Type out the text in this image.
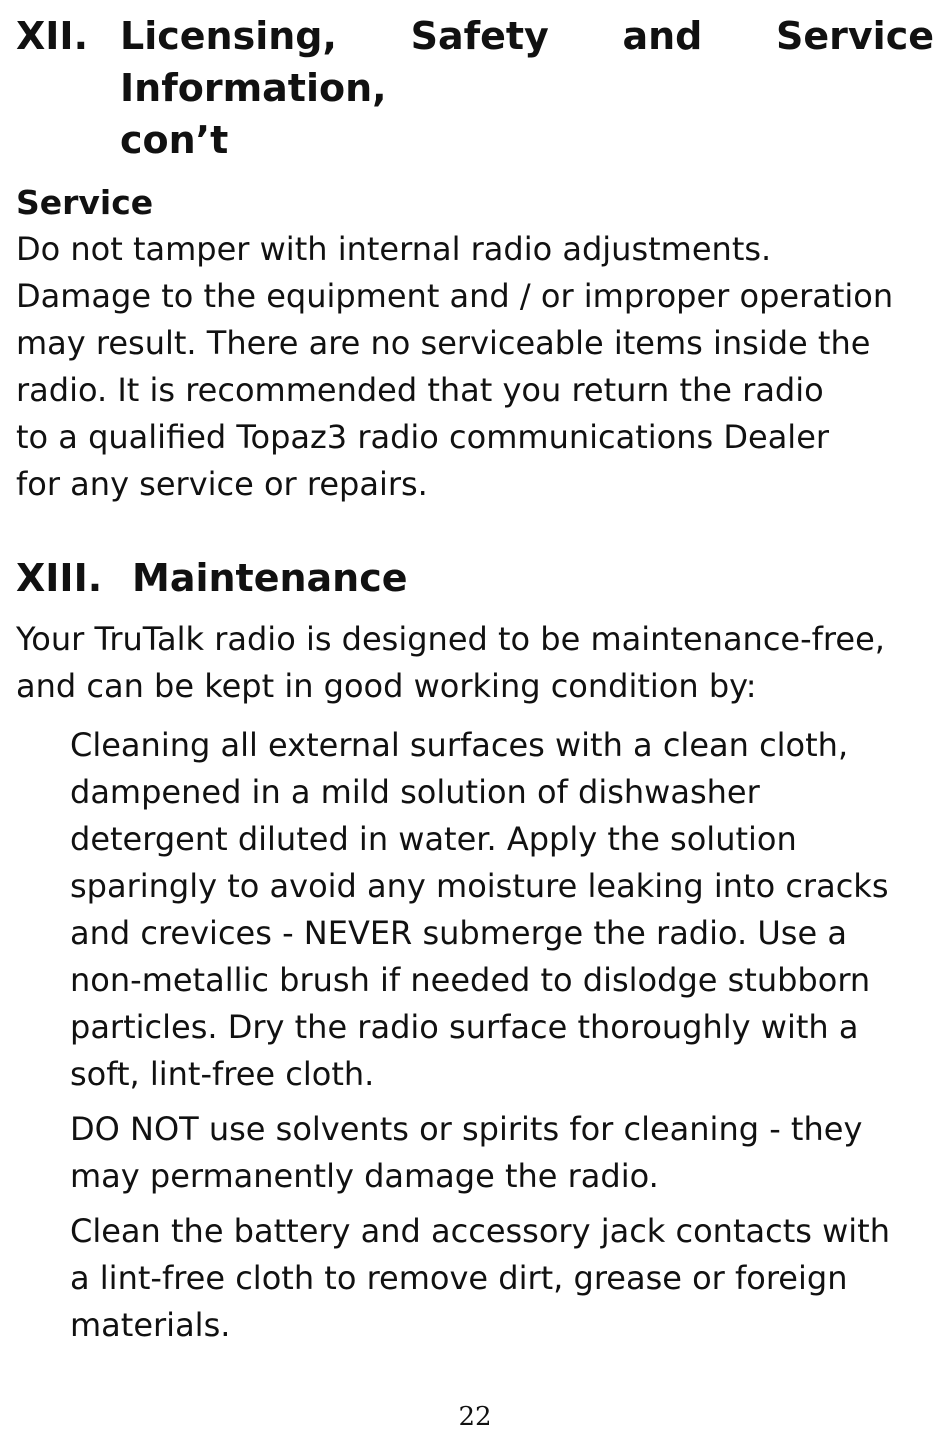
XII. Licensing, Safety and Service Information,
con’t
Service

Do not tamper with internal radio adjustments.
Damage to the equipment and / or improper operation
may result. There are no serviceable items inside the
radio. It is recommended that you return the radio
to a qualified Topaz3 radio communications Dealer
for any service or repairs.

XIII. Maintenance

Your TruTalk radio is designed to be maintenance-free,
and can be kept in good working condition by:

Cleaning all external surfaces with a clean cloth,
dampened in a mild solution of dishwasher
detergent diluted in water. Apply the solution
sparingly to avoid any moisture leaking into cracks
and crevices - NEVER submerge the radio. Use a
non-metallic brush if needed to dislodge stubborn
particles. Dry the radio surface thoroughly with a
soft, lint-free cloth.
DO NOT use solvents or spirits for cleaning - they
may permanently damage the radio.
Clean the battery and accessory jack contacts with
a lint-free cloth to remove dirt, grease or foreign
materials.
22
